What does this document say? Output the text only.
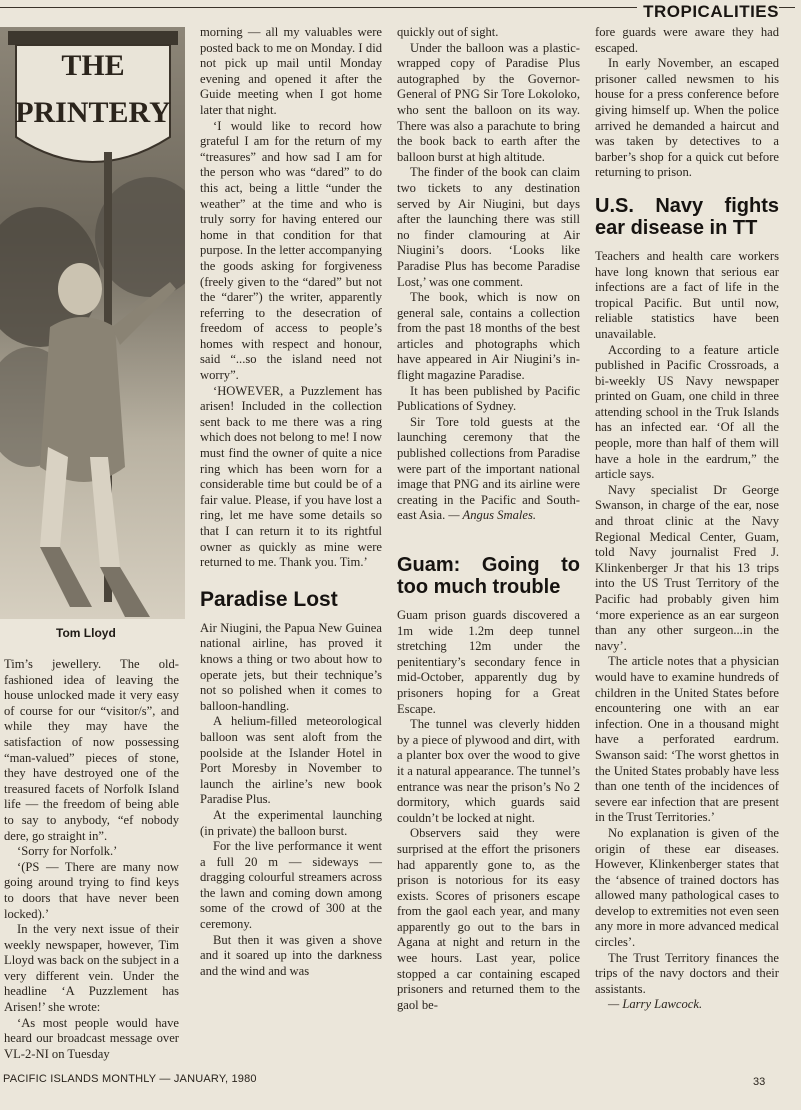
TROPICALITIES
THE
PRINTERY
Tom Lloyd

Tim’s jewellery. The old-fashioned idea of leaving the house unlocked made it very easy of course for our “visitor/s”, and while they may have the satisfaction of now possessing “man-valued” pieces of stone, they have destroyed one of the treasured facets of Norfolk Island life — the freedom of being able to say to anybody, “ef nobody dere, go straight in”.

‘Sorry for Norfolk.’

‘(PS — There are many now going around trying to find keys to doors that have never been locked).’

In the very next issue of their weekly newspaper, however, Tim Lloyd was back on the subject in a very different vein. Under the headline ‘A Puzzlement has Arisen!’ she wrote:

‘As most people would have heard our broadcast message over VL-2-NI on Tuesday

morning — all my valuables were posted back to me on Monday. I did not pick up mail until Monday evening and opened it after the Guide meeting when I got home later that night.

‘I would like to record how grateful I am for the return of my “treasures” and how sad I am for the person who was “dared” to do this act, being a little “under the weather” at the time and who is truly sorry for having entered our home in that condition for that purpose. In the letter accompanying the goods asking for forgiveness (freely given to the “dared” but not the “darer”) the writer, apparently referring to the desecration of freedom of access to people’s homes with respect and honour, said “...so the island need not worry”.

‘HOWEVER, a Puzzlement has arisen! Included in the collection sent back to me there was a ring which does not belong to me! I now must find the owner of quite a nice ring which has been worn for a considerable time but could be of a fair value. Please, if you have lost a ring, let me have some details so that I can return it to its rightful owner as quickly as mine were returned to me. Thank you. Tim.’

Paradise Lost

Air Niugini, the Papua New Guinea national airline, has proved it knows a thing or two about how to operate jets, but their technique’s not so polished when it comes to balloon-handling.

A helium-filled meteorological balloon was sent aloft from the poolside at the Islander Hotel in Port Moresby in November to launch the airline’s new book Paradise Plus.

At the experimental launching (in private) the balloon burst.

For the live performance it went a full 20 m — sideways — dragging colourful streamers across the lawn and coming down among some of the crowd of 300 at the ceremony.

But then it was given a shove and it soared up into the darkness and the wind and was

quickly out of sight.

Under the balloon was a plastic-wrapped copy of Paradise Plus autographed by the Governor-General of PNG Sir Tore Lokoloko, who sent the balloon on its way. There was also a parachute to bring the book back to earth after the balloon burst at high altitude.

The finder of the book can claim two tickets to any destination served by Air Niugini, but days after the launching there was still no finder clamouring at Air Niugini’s doors. ‘Looks like Paradise Plus has become Paradise Lost,’ was one comment.

The book, which is now on general sale, contains a collection from the past 18 months of the best articles and photographs which have appeared in Air Niugini’s in-flight magazine Paradise.

It has been published by Pacific Publications of Sydney.

Sir Tore told guests at the launching ceremony that the published collections from Paradise were part of the important national image that PNG and its airline were creating in the Pacific and South-east Asia. — Angus Smales.

Guam: Going to too much trouble

Guam prison guards discovered a 1m wide 1.2m deep tunnel stretching 12m under the penitentiary’s secondary fence in mid-October, apparently dug by prisoners hoping for a Great Escape.

The tunnel was cleverly hidden by a piece of plywood and dirt, with a planter box over the wood to give it a natural appearance. The tunnel’s entrance was near the prison’s No 2 dormitory, which guards said couldn’t be locked at night.

Observers said they were surprised at the effort the prisoners had apparently gone to, as the prison is notorious for its easy exists. Scores of prisoners escape from the gaol each year, and many apparently go out to the bars in Agana at night and return in the wee hours. Last year, police stopped a car containing escaped prisoners and returned them to the gaol be-

fore guards were aware they had escaped.

In early November, an escaped prisoner called newsmen to his house for a press conference before giving himself up. When the police arrived he demanded a haircut and was taken by detectives to a barber’s shop for a quick cut before returning to prison.

U.S. Navy fights ear disease in TT

Teachers and health care workers have long known that serious ear infections are a fact of life in the tropical Pacific. But until now, reliable statistics have been unavailable.

According to a feature article published in Pacific Crossroads, a bi-weekly US Navy newspaper printed on Guam, one child in three attending school in the Truk Islands has an infected ear. ‘Of all the people, more than half of them will have a hole in the eardrum,” the article says.

Navy specialist Dr George Swanson, in charge of the ear, nose and throat clinic at the Navy Regional Medical Center, Guam, told Navy journalist Fred J. Klinkenberger Jr that his 13 trips into the US Trust Territory of the Pacific had probably given him ‘more experience as an ear surgeon than any other surgeon...in the navy’.

The article notes that a physician would have to examine hundreds of children in the United States before encountering one with an ear infection. One in a thousand might have a perforated eardrum. Swanson said: ‘The worst ghettos in the United States probably have less than one tenth of the incidences of severe ear infection that are present in the Trust Territories.’

No explanation is given of the origin of these ear diseases. However, Klinkenberger states that the ‘absence of trained doctors has allowed many pathological cases to develop to extremities not even seen any more in more advanced medical circles’.

The Trust Territory finances the trips of the navy doctors and their assistants.

— Larry Lawcock.

PACIFIC ISLANDS MONTHLY — JANUARY, 1980	33
